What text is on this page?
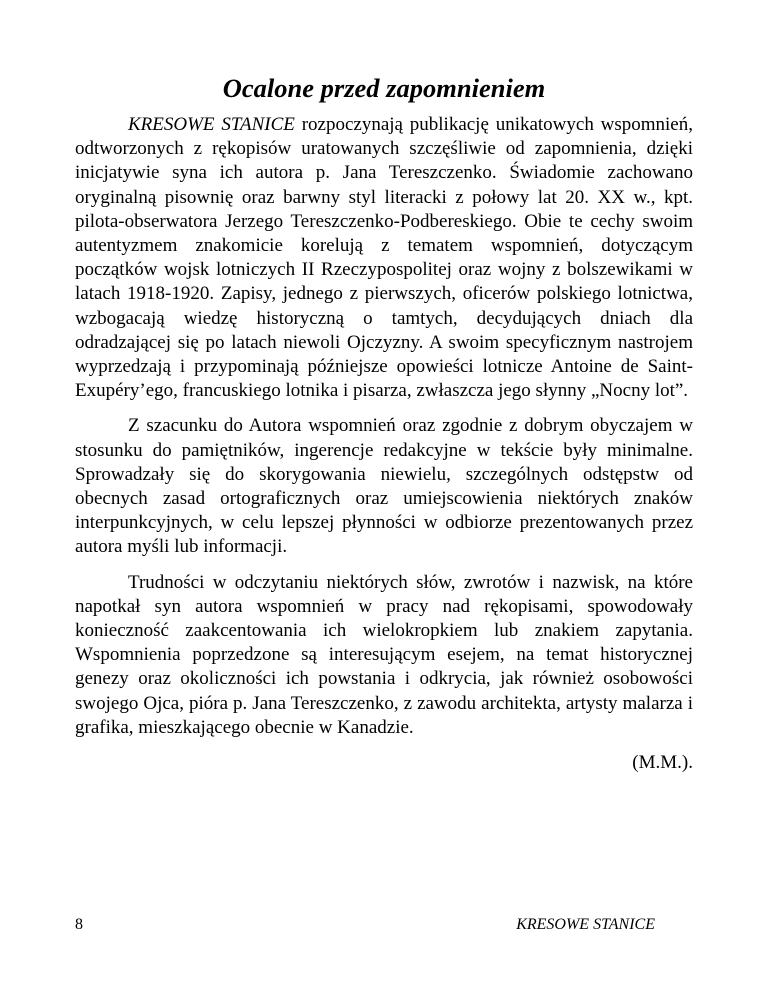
Ocalone przed zapomnieniem

KRESOWE STANICE rozpoczynają publikację unikatowych wspomnień, odtworzonych z rękopisów uratowanych szczęśliwie od zapomnienia, dzięki inicjatywie syna ich autora p. Jana Tereszczenko. Świadomie zachowano oryginalną pisownię oraz barwny styl literacki z połowy lat 20. XX w., kpt. pilota-obserwatora Jerzego Tereszczenko-Podbereskiego. Obie te cechy swoim autentyzmem znakomicie korelują z tematem wspomnień, dotyczącym początków wojsk lotniczych II Rzeczypospolitej oraz wojny z bolszewikami w latach 1918-1920. Zapisy, jednego z pierwszych, oficerów polskiego lotnictwa, wzbogacają wiedzę historyczną o tamtych, decydujących dniach dla odradzającej się po latach niewoli Ojczyzny. A swoim specyficznym nastrojem wyprzedzają i przypominają późniejsze opowieści lotnicze Antoine de Saint-Exupéry’ego, francuskiego lotnika i pisarza, zwłaszcza jego słynny „Nocny lot”.

Z szacunku do Autora wspomnień oraz zgodnie z dobrym obyczajem w stosunku do pamiętników, ingerencje redakcyjne w tekście były minimalne. Sprowadzały się do skorygowania niewielu, szczególnych odstępstw od obecnych zasad ortograficznych oraz umiejscowienia niektórych znaków interpunkcyjnych, w celu lepszej płynności w odbiorze prezentowanych przez autora myśli lub informacji.

Trudności w odczytaniu niektórych słów, zwrotów i nazwisk, na które napotkał syn autora wspomnień w pracy nad rękopisami, spowodowały konieczność zaakcentowania ich wielokropkiem lub znakiem zapytania. Wspomnienia poprzedzone są interesującym esejem, na temat historycznej genezy oraz okoliczności ich powstania i odkrycia, jak również osobowości swojego Ojca, pióra p. Jana Tereszczenko, z zawodu architekta, artysty malarza i grafika, mieszkającego obecnie w Kanadzie.

(M.M.).

8	KRESOWE STANICE
